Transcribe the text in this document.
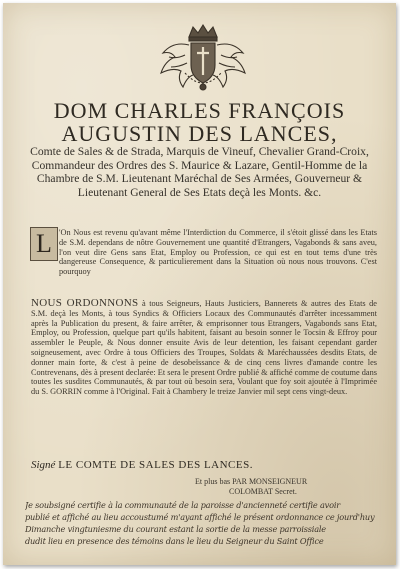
DOM CHARLES FRANÇOIS
AUGUSTIN DES LANCES,
Comte de Sales & de Strada, Marquis de Vineuf, Chevalier Grand-Croix, Commandeur des Ordres des S. Maurice & Lazare, Gentil-Homme de la Chambre de S.M. Lieutenant Maréchal de Ses Armées, Gouverneur & Lieutenant General de Ses Etats deçà les Monts. &c.
L 'On Nous est revenu qu'avant même l'Interdiction du Commerce, il s'étoit glissé dans les Etats de S.M. dependans de nôtre Gouvernement une quantité d'Etrangers, Vagabonds & sans aveu, l'on veut dire Gens sans Etat, Employ ou Profession, ce qui est en tout tems d'une très dangereuse Consequence, & particulierement dans la Situation où nous nous trouvons. C'est pourquoy
NOUS ORDONNONS à tous Seigneurs, Hauts Justiciers, Bannerets & autres des Etats de S.M. deçà les Monts, à tous Syndics & Officiers Locaux des Communautés d'arrêter incessamment après la Publication du present, & faire arrêter, & emprisonner tous Etrangers, Vagabonds sans Etat, Employ, ou Profession, quelque part qu'ils habitent, faisant au besoin sonner le Tocsin & Effroy pour assembler le Peuple, & Nous donner ensuite Avis de leur detention, les faisant cependant garder soigneusement, avec Ordre à tous Officiers des Troupes, Soldats & Maréchaussées desdits Etats, de donner main forte, & c'est à peine de desobeïssance & de cinq cens livres d'amande contre les Contrevenans, dès à present declarée: Et sera le present Ordre publié & affiché comme de coutume dans toutes les susdites Communautés, & par tout où besoin sera, Voulant que foy soit ajoutée à l'Imprimée du S. GORRIN comme à l'Original. Fait à Chambery le treize Janvier mil sept cens vingt-deux.
Signé LE COMTE DE SALES DES LANCES.
Et plus bas PAR MONSEIGNEUR
COLOMBAT Secret.
Je soubsigné certifie à la communauté de la paroisse d'ancienneté certifie avoir
publié et affiché au lieu accoustumé m'ayant affiché le présent ordonnance ce jourd'huy
Dimanche vingtuniesme du courant estant la sortie de la messe parroissiale
dudit lieu en presence des témoins dans le lieu du Seigneur du Saint Office
